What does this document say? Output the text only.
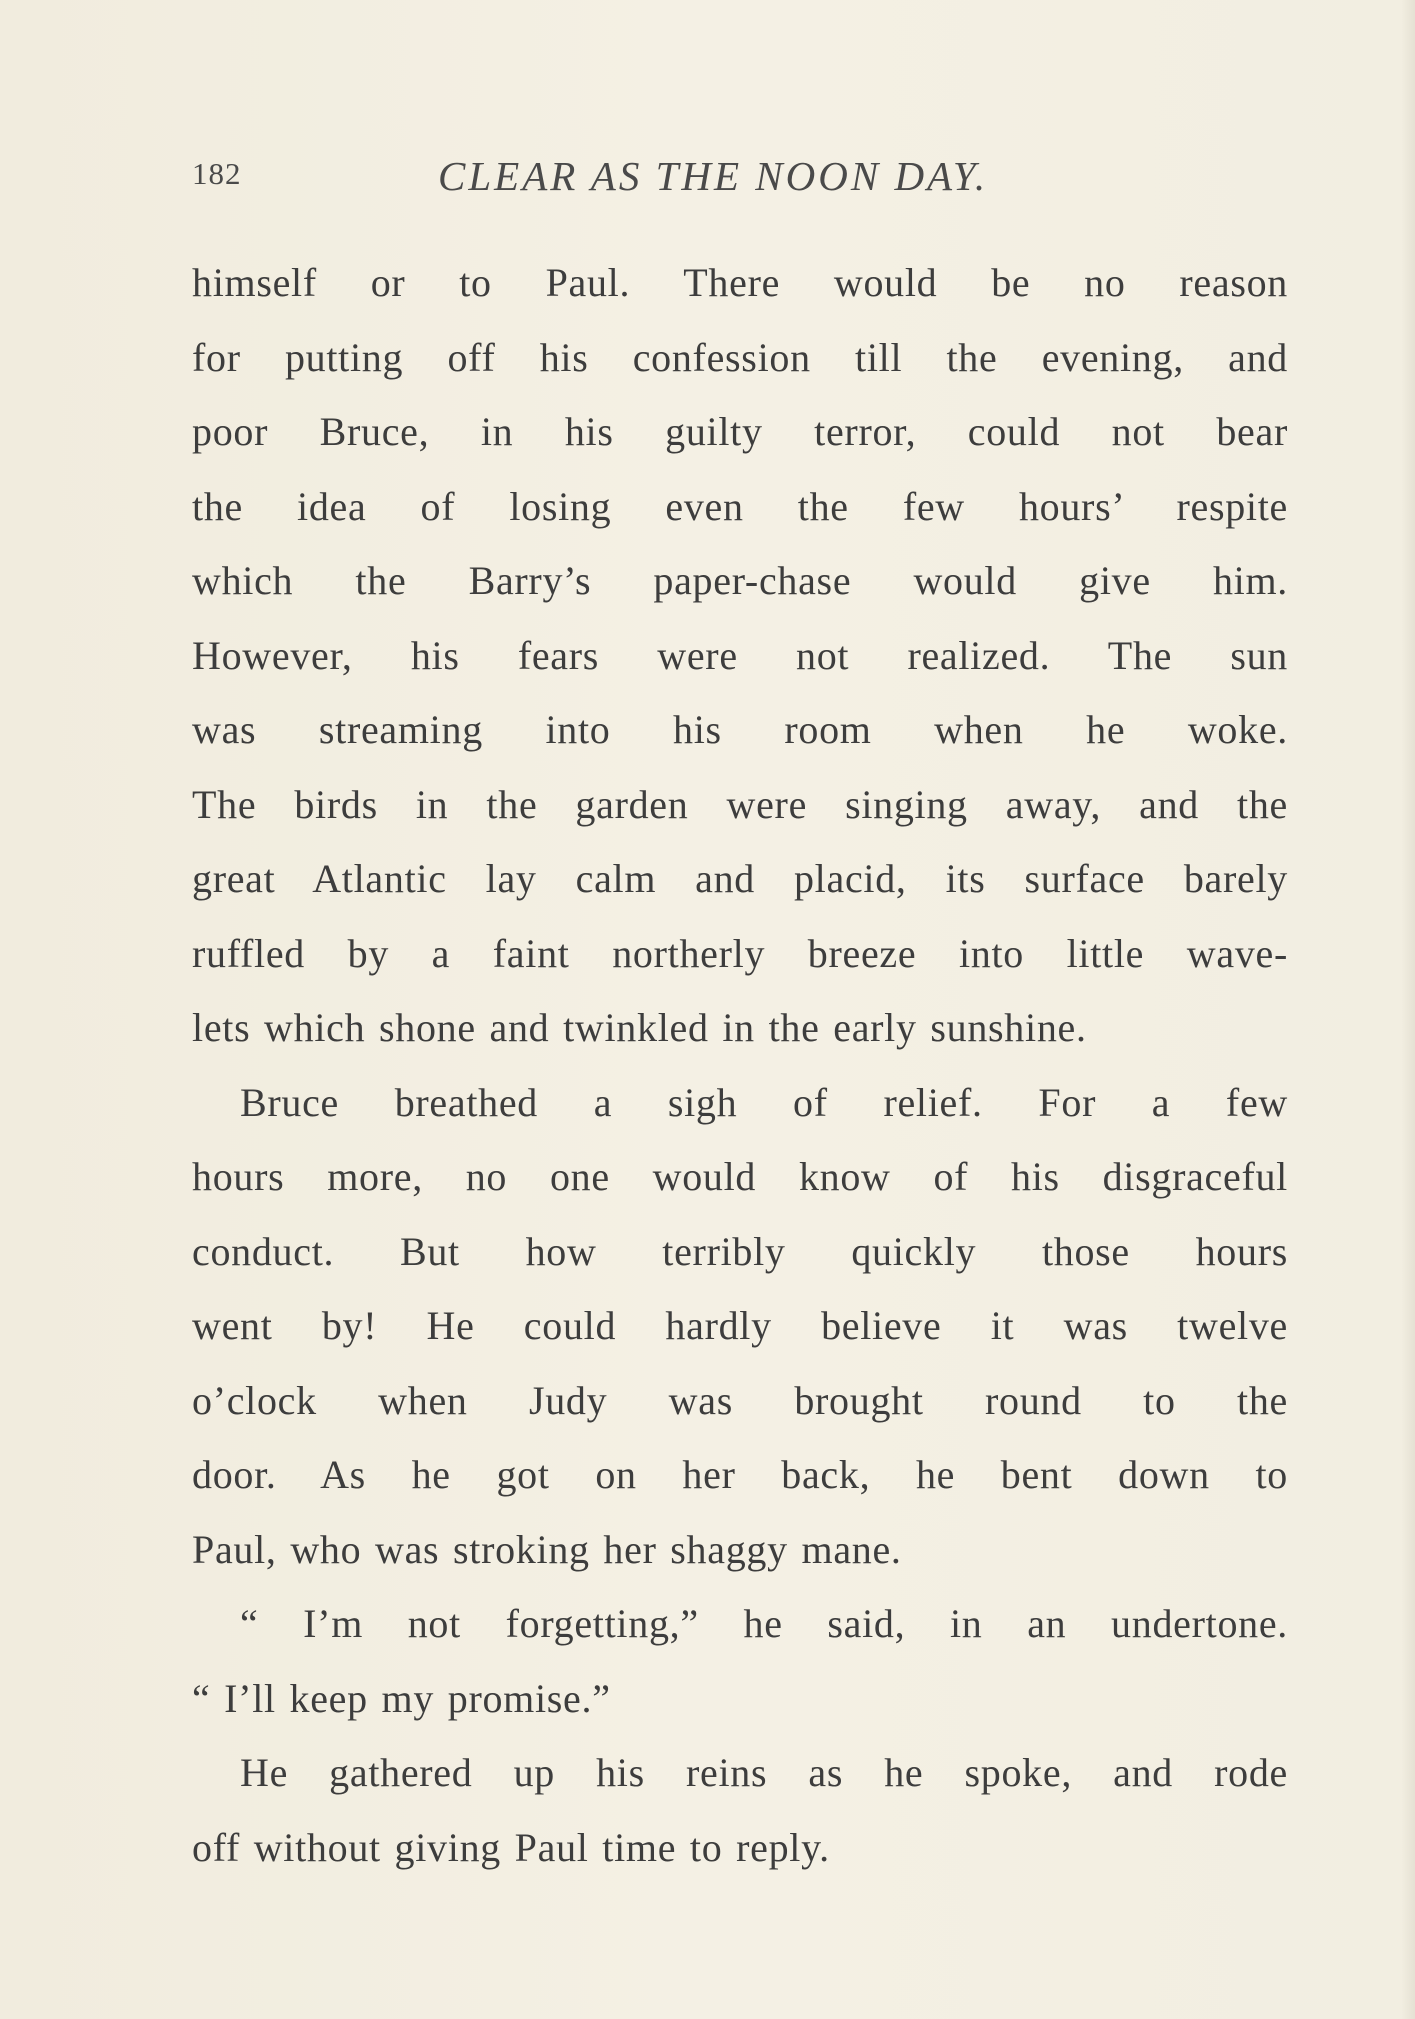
182	CLEAR AS THE NOON DAY.
himself or to Paul. There would be no reason
for putting off his confession till the evening, and
poor Bruce, in his guilty terror, could not bear
the idea of losing even the few hours’ respite
which the Barry’s paper-chase would give him.
However, his fears were not realized. The sun
was streaming into his room when he woke.
The birds in the garden were singing away, and the
great Atlantic lay calm and placid, its surface barely
ruffled by a faint northerly breeze into little wave-
lets which shone and twinkled in the early sunshine.
Bruce breathed a sigh of relief. For a few
hours more, no one would know of his disgraceful
conduct. But how terribly quickly those hours
went by! He could hardly believe it was twelve
o’clock when Judy was brought round to the
door. As he got on her back, he bent down to
Paul, who was stroking her shaggy mane.
“ I’m not forgetting,” he said, in an undertone.
“ I’ll keep my promise.”
He gathered up his reins as he spoke, and rode
off without giving Paul time to reply.
